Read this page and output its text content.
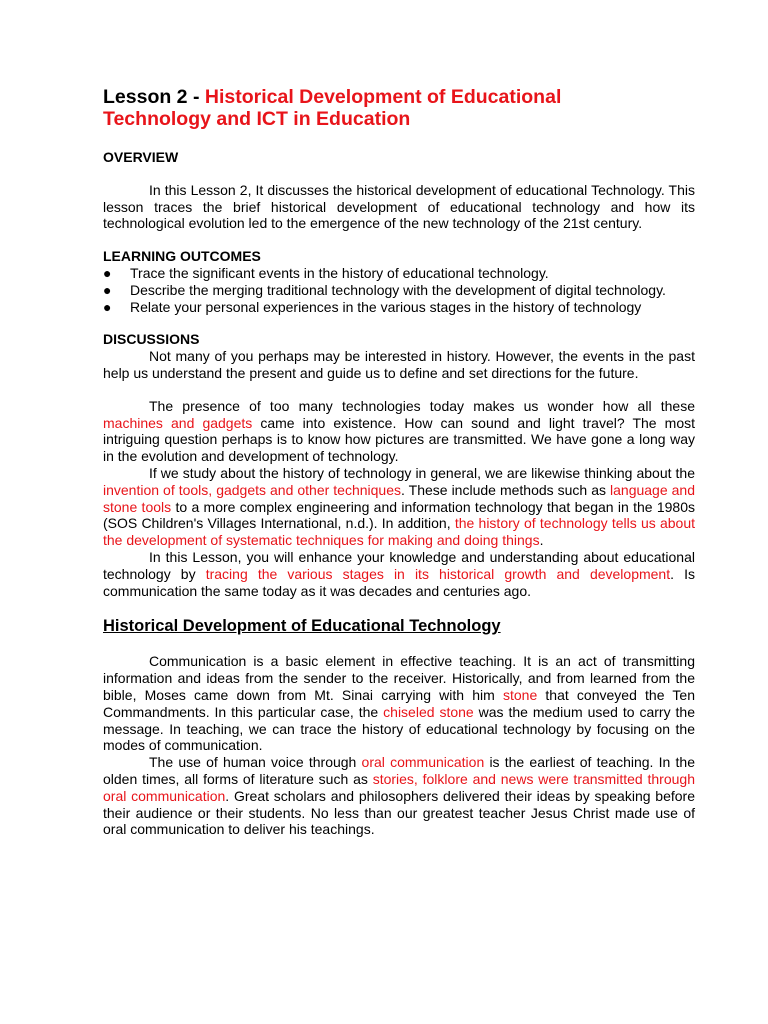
Lesson 2 - Historical Development of Educational
Technology and ICT in Education
OVERVIEW

In this Lesson 2, It discusses the historical development of educational Technology. This lesson traces the brief historical development of educational technology and how its technological evolution led to the emergence of the new technology of the 21st century.

LEARNING OUTCOMES
● Trace the significant events in the history of educational technology.
● Describe the merging traditional technology with the development of digital technology.
● Relate your personal experiences in the various stages in the history of technology
DISCUSSIONS

Not many of you perhaps may be interested in history. However, the events in the past help us understand the present and guide us to define and set directions for the future.

The presence of too many technologies today makes us wonder how all these machines and gadgets came into existence. How can sound and light travel? The most intriguing question perhaps is to know how pictures are transmitted. We have gone a long way in the evolution and development of technology.

If we study about the history of technology in general, we are likewise thinking about the invention of tools, gadgets and other techniques. These include methods such as language and stone tools to a more complex engineering and information technology that began in the 1980s (SOS Children's Villages International, n.d.). In addition, the history of technology tells us about the development of systematic techniques for making and doing things.

In this Lesson, you will enhance your knowledge and understanding about educational technology by tracing the various stages in its historical growth and development. Is communication the same today as it was decades and centuries ago.

Historical Development of Educational Technology

Communication is a basic element in effective teaching. It is an act of transmitting information and ideas from the sender to the receiver. Historically, and from learned from the bible, Moses came down from Mt. Sinai carrying with him stone that conveyed the Ten Commandments. In this particular case, the chiseled stone was the medium used to carry the message. In teaching, we can trace the history of educational technology by focusing on the modes of communication.

The use of human voice through oral communication is the earliest of teaching. In the olden times, all forms of literature such as stories, folklore and news were transmitted through oral communication. Great scholars and philosophers delivered their ideas by speaking before their audience or their students. No less than our greatest teacher Jesus Christ made use of oral communication to deliver his teachings.
